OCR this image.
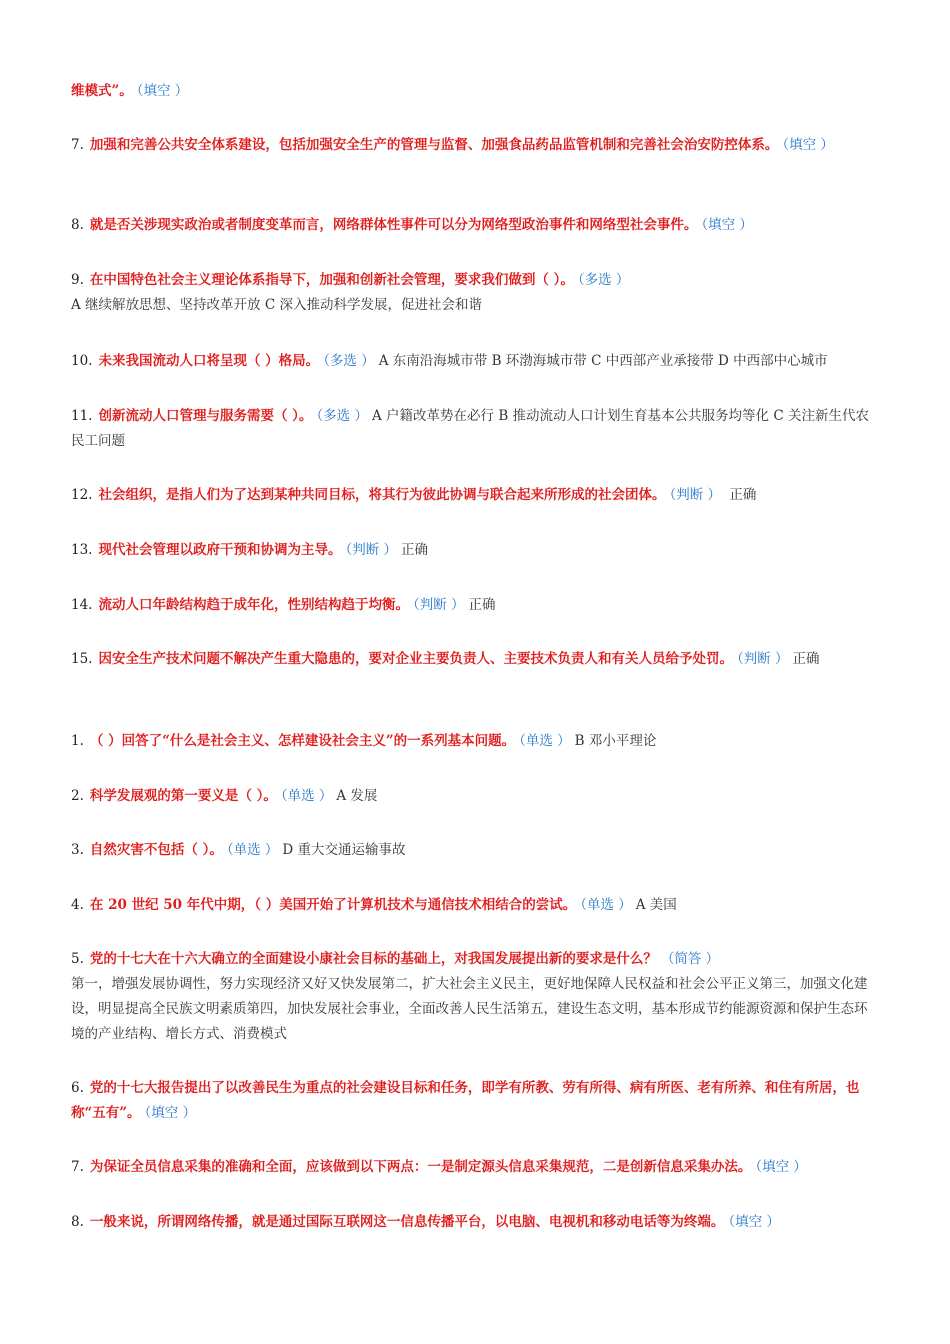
维模式”。 （填空 ）
7. 加强和完善公共安全体系建设，包括加强安全生产的管理与监督、加强食品药品监管机制和完善社会治安防控体系。 （填空 ）
8. 就是否关涉现实政治或者制度变革而言，网络群体性事件可以分为网络型政治事件和网络型社会事件。 （填空 ）
9. 在中国特色社会主义理论体系指导下，加强和创新社会管理，要求我们做到（ ）。 （多选 ）
A 继续解放思想、坚持改革开放 C 深入推动科学发展，促进社会和谐
10. 未来我国流动人口将呈现（ ）格局。 （多选 ） A 东南沿海城市带 B 环渤海城市带 C 中西部产业承接带 D 中西部中心城市
11. 创新流动人口管理与服务需要（ ）。 （多选 ） A 户籍改革势在必行 B 推动流动人口计划生育基本公共服务均等化 C 关注新生代农民工问题
12. 社会组织，是指人们为了达到某种共同目标，将其行为彼此协调与联合起来所形成的社会团体。 （判断 ） 正确
13. 现代社会管理以政府干预和协调为主导。 （判断 ） 正确
14. 流动人口年龄结构趋于成年化，性别结构趋于均衡。 （判断 ） 正确
15. 因安全生产技术问题不解决产生重大隐患的，要对企业主要负责人、主要技术负责人和有关人员给予处罚。 （判断 ） 正确
1. （ ）回答了“什么是社会主义、怎样建设社会主义”的一系列基本问题。 （单选 ） B 邓小平理论
2. 科学发展观的第一要义是（ ）。 （单选 ） A 发展
3. 自然灾害不包括（ ）。 （单选 ） D 重大交通运输事故
4. 在 20 世纪 50 年代中期，（ ）美国开始了计算机技术与通信技术相结合的尝试。 （单选 ） A 美国
5. 党的十七大在十六大确立的全面建设小康社会目标的基础上，对我国发展提出新的要求是什么？ （简答 ）
第一，增强发展协调性，努力实现经济又好又快发展第二，扩大社会主义民主，更好地保障人民权益和社会公平正义第三，加强文化建设，明显提高全民族文明素质第四，加快发展社会事业，全面改善人民生活第五，建设生态文明，基本形成节约能源资源和保护生态环境的产业结构、增长方式、消费模式
6. 党的十七大报告提出了以改善民生为重点的社会建设目标和任务，即学有所教、劳有所得、病有所医、老有所养、和住有所居，也称“五有”。 （填空 ）
7. 为保证全员信息采集的准确和全面，应该做到以下两点：一是制定源头信息采集规范，二是创新信息采集办法。 （填空 ）
8. 一般来说，所谓网络传播，就是通过国际互联网这一信息传播平台，以电脑、电视机和移动电话等为终端。 （填空 ）
